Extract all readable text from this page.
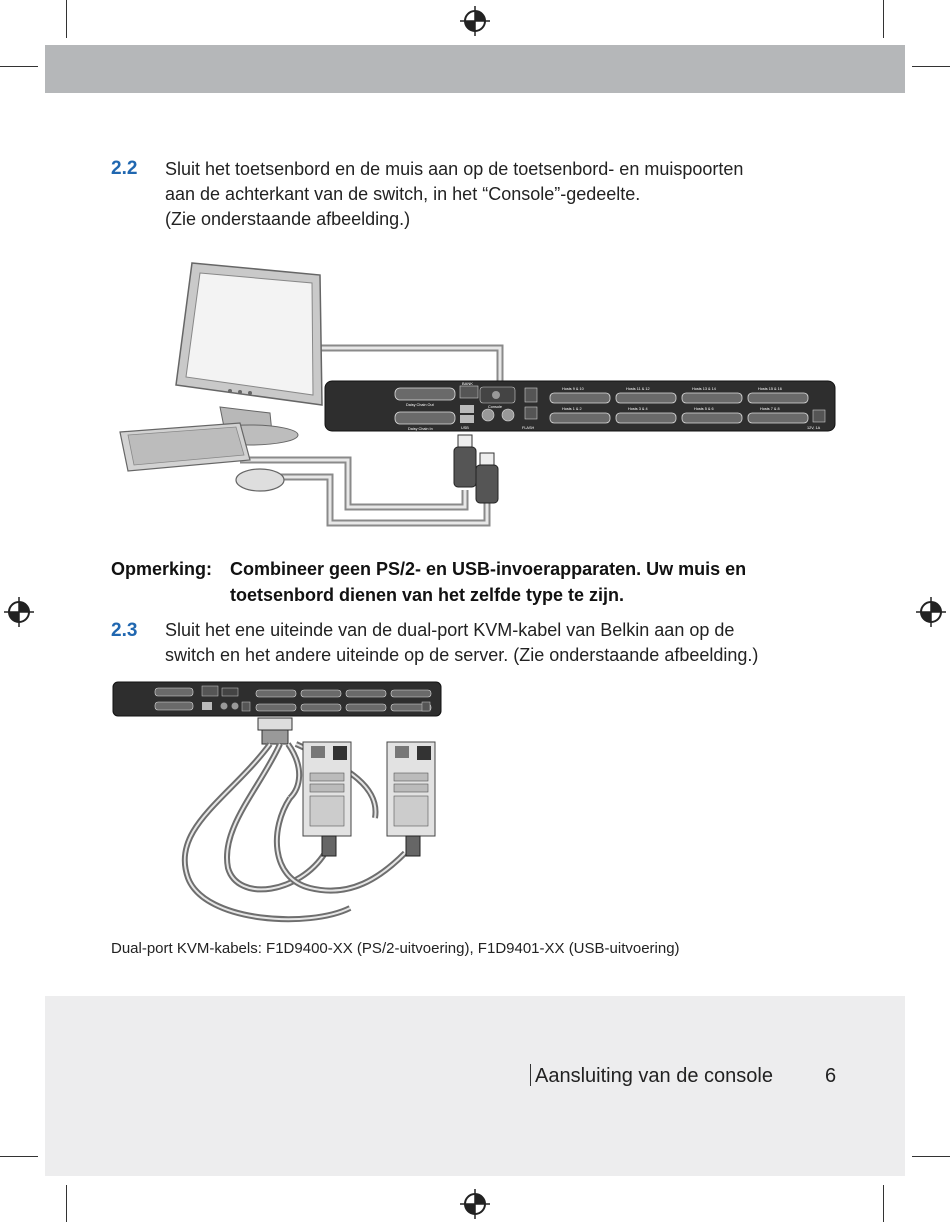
2.2 Sluit het toetsenbord en de muis aan op de toetsenbord- en muispoorten
aan de achterkant van de switch, in het “Console”-gedeelte.
(Zie onderstaande afbeelding.)
BANK
Daisy Chain Out
Daisy Chain In
Console
USB	FLASH	12V, 1A
Hosts 9 & 10	Hosts 11 & 12	Hosts 13 & 14	Hosts 15 & 16
Hosts 1 & 2	Hosts 3 & 4	Hosts 5 & 6	Hosts 7 & 8
Opmerking: Combineer geen PS/2- en USB-invoerapparaten. Uw muis en
toetsenbord dienen van het zelfde type te zijn.
2.3 Sluit het ene uiteinde van de dual-port KVM-kabel van Belkin aan op de
switch en het andere uiteinde op de server. (Zie onderstaande afbeelding.)
Dual-port KVM-kabels: F1D9400-XX (PS/2-uitvoering), F1D9401-XX (USB-uitvoering)
Aansluiting van de console	6
